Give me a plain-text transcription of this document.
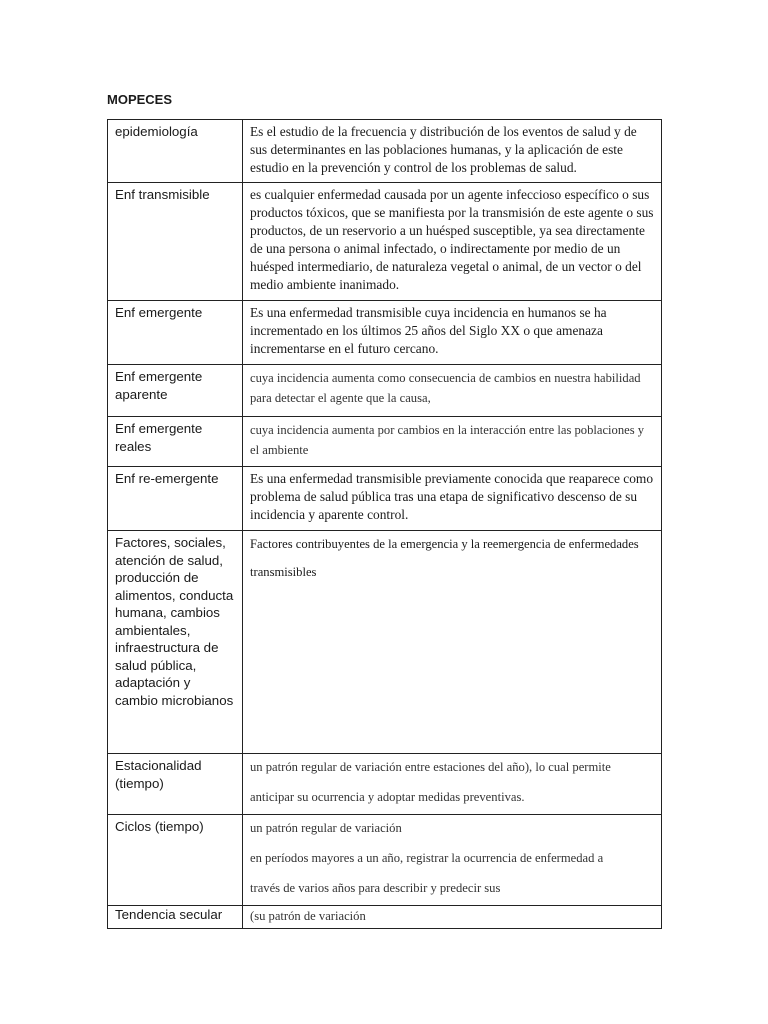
MOPECES
epidemiología	Es el estudio de la frecuencia y distribución de los eventos de salud y de sus determinantes en las poblaciones humanas, y la aplicación de este estudio en la prevención y control de los problemas de salud.

Enf transmisible	es cualquier enfermedad causada por un agente infeccioso específico o sus productos tóxicos, que se manifiesta por la transmisión de este agente o sus productos, de un reservorio a un huésped susceptible, ya sea directamente de una persona o animal infectado, o indirectamente por medio de un huésped intermediario, de naturaleza vegetal o animal, de un vector o del medio ambiente inanimado.

Enf emergente	Es una enfermedad transmisible cuya incidencia en humanos se ha incrementado en los últimos 25 años del Siglo XX o que amenaza incrementarse en el futuro cercano.

Enf emergente aparente	cuya incidencia aumenta como consecuencia de cambios en nuestra habilidad para detectar el agente que la causa,

Enf emergente reales	cuya incidencia aumenta por cambios en la interacción entre las poblaciones y el ambiente

Enf re-emergente	Es una enfermedad transmisible previamente conocida que reaparece como problema de salud pública tras una etapa de significativo descenso de su incidencia y aparente control.

Factores, sociales, atención de salud, producción de alimentos, conducta humana, cambios ambientales, infraestructura de salud pública, adaptación y cambio microbianos	Factores contribuyentes de la emergencia y la reemergencia de enfermedades

transmisibles

Estacionalidad (tiempo)	un patrón regular de variación entre estaciones del año), lo cual permite

anticipar su ocurrencia y adoptar medidas preventivas.

Ciclos (tiempo)	un patrón regular de variación

en períodos mayores a un año, registrar la ocurrencia de enfermedad a

través de varios años para describir y predecir sus

Tendencia secular	(su patrón de variación
